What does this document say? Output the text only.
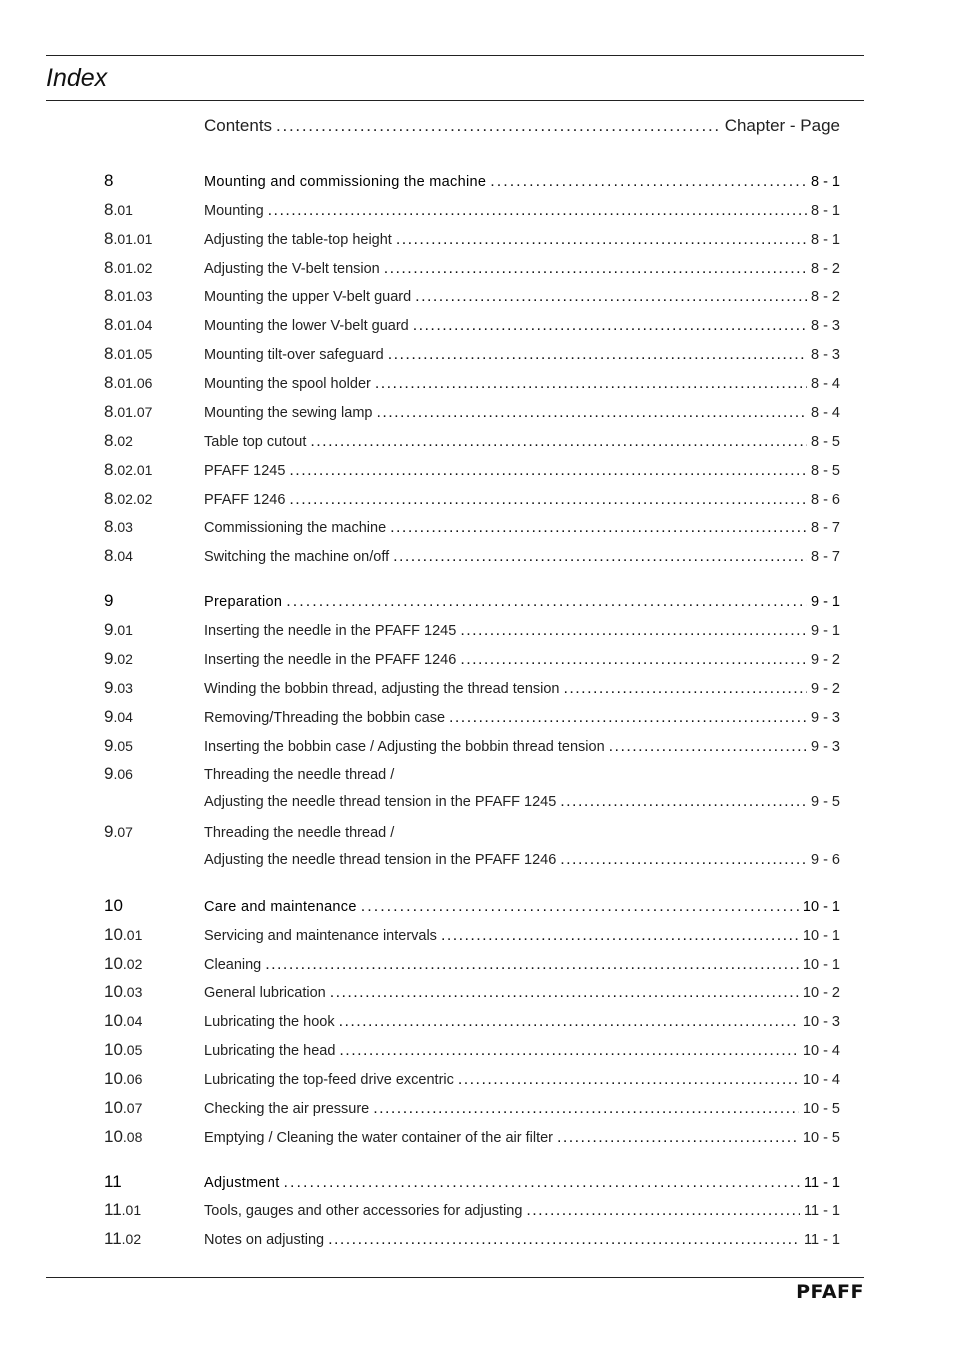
Index
Contents . . .	Chapter - Page
8	Mounting and commissioning the machine . . .	8 - 1
8.01	Mounting . . .	8 - 1
8.01.01	Adjusting the table-top height . . .	8 - 1
8.01.02	Adjusting the V-belt tension . . .	8 - 2
8.01.03	Mounting the upper V-belt guard . . .	8 - 2
8.01.04	Mounting the lower V-belt guard . . .	8 - 3
8.01.05	Mounting tilt-over safeguard . . .	8 - 3
8.01.06	Mounting the spool holder . . .	8 - 4
8.01.07	Mounting the sewing lamp . . .	8 - 4
8.02	Table top cutout . . .	8 - 5
8.02.01	PFAFF 1245 . . .	8 - 5
8.02.02	PFAFF 1246 . . .	8 - 6
8.03	Commissioning the machine . . .	8 - 7
8.04	Switching the machine on/off . . .	8 - 7
9	Preparation . . .	9 - 1
9.01	Inserting the needle in the PFAFF 1245 . . .	9 - 1
9.02	Inserting the needle in the PFAFF 1246 . . .	9 - 2
9.03	Winding the bobbin thread, adjusting the thread tension . . .	9 - 2
9.04	Removing/Threading the bobbin case . . .	9 - 3
9.05	Inserting the bobbin case / Adjusting the bobbin thread tension . . .	9 - 3
9.06	Threading the needle thread /
Adjusting the needle thread tension in the PFAFF 1245 . . .	9 - 5
9.07	Threading the needle thread /
Adjusting the needle thread tension in the PFAFF 1246 . . .	9 - 6
10	Care and maintenance . . .	10 - 1
10.01	Servicing and maintenance intervals . . .	10 - 1
10.02	Cleaning . . .	10 - 1
10.03	General lubrication . . .	10 - 2
10.04	Lubricating the hook . . .	10 - 3
10.05	Lubricating the head . . .	10 - 4
10.06	Lubricating the top-feed drive excentric . . .	10 - 4
10.07	Checking the air pressure . . .	10 - 5
10.08	Emptying / Cleaning the water container of the air filter . . .	10 - 5
11	Adjustment . . .	11 - 1
11.01	Tools, gauges and other accessories for adjusting . . .	11 - 1
11.02	Notes on adjusting . . .	11 - 1
PFAFF
